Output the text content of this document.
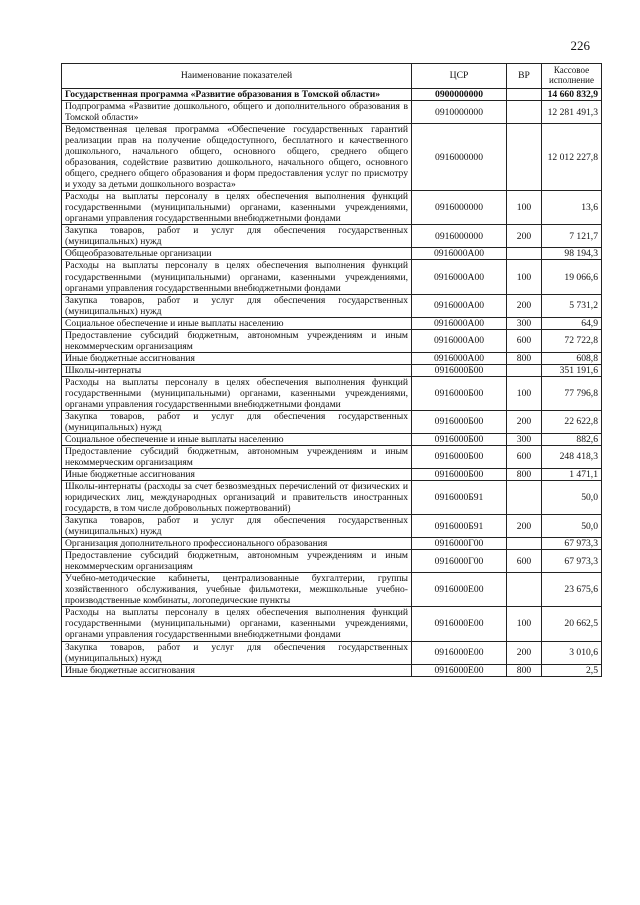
226
Наименование показателей	ЦСР	ВР	Кассовое исполнение
Государственная программа «Развитие образования в Томской области»	0900000000		14 660 832,9
Подпрограмма «Развитие дошкольного, общего и дополнительного образования в Томской области»	0910000000		12 281 491,3
Ведомственная целевая программа «Обеспечение государственных гарантий реализации прав на получение общедоступного, бесплатного и качественного дошкольного, начального общего, основного общего, среднего общего образования, содействие развитию дошкольного, начального общего, основного общего, среднего общего образования и форм предоставления услуг по присмотру и уходу за детьми дошкольного возраста»	0916000000		12 012 227,8
Расходы на выплаты персоналу в целях обеспечения выполнения функций государственными (муниципальными) органами, казенными учреждениями, органами управления государственными внебюджетными фондами	0916000000	100	13,6
Закупка товаров, работ и услуг для обеспечения государственных (муниципальных) нужд	0916000000	200	7 121,7
Общеобразовательные организации	0916000А00		98 194,3
Расходы на выплаты персоналу в целях обеспечения выполнения функций государственными (муниципальными) органами, казенными учреждениями, органами управления государственными внебюджетными фондами	0916000А00	100	19 066,6
Закупка товаров, работ и услуг для обеспечения государственных (муниципальных) нужд	0916000А00	200	5 731,2
Социальное обеспечение и иные выплаты населению	0916000А00	300	64,9
Предоставление субсидий бюджетным, автономным учреждениям и иным некоммерческим организациям	0916000А00	600	72 722,8
Иные бюджетные ассигнования	0916000А00	800	608,8
Школы-интернаты	0916000Б00		351 191,6
Расходы на выплаты персоналу в целях обеспечения выполнения функций государственными (муниципальными) органами, казенными учреждениями, органами управления государственными внебюджетными фондами	0916000Б00	100	77 796,8
Закупка товаров, работ и услуг для обеспечения государственных (муниципальных) нужд	0916000Б00	200	22 622,8
Социальное обеспечение и иные выплаты населению	0916000Б00	300	882,6
Предоставление субсидий бюджетным, автономным учреждениям и иным некоммерческим организациям	0916000Б00	600	248 418,3
Иные бюджетные ассигнования	0916000Б00	800	1 471,1
Школы-интернаты (расходы за счет безвозмездных перечислений от физических и юридических лиц, международных организаций и правительств иностранных государств, в том числе добровольных пожертвований)	0916000Б91		50,0
Закупка товаров, работ и услуг для обеспечения государственных (муниципальных) нужд	0916000Б91	200	50,0
Организация дополнительного профессионального образования	0916000Г00		67 973,3
Предоставление субсидий бюджетным, автономным учреждениям и иным некоммерческим организациям	0916000Г00	600	67 973,3
Учебно-методические кабинеты, централизованные бухгалтерии, группы хозяйственного обслуживания, учебные фильмотеки, межшкольные учебно-производственные комбинаты, логопедические пункты	0916000Е00		23 675,6
Расходы на выплаты персоналу в целях обеспечения выполнения функций государственными (муниципальными) органами, казенными учреждениями, органами управления государственными внебюджетными фондами	0916000Е00	100	20 662,5
Закупка товаров, работ и услуг для обеспечения государственных (муниципальных) нужд	0916000Е00	200	3 010,6
Иные бюджетные ассигнования	0916000Е00	800	2,5
